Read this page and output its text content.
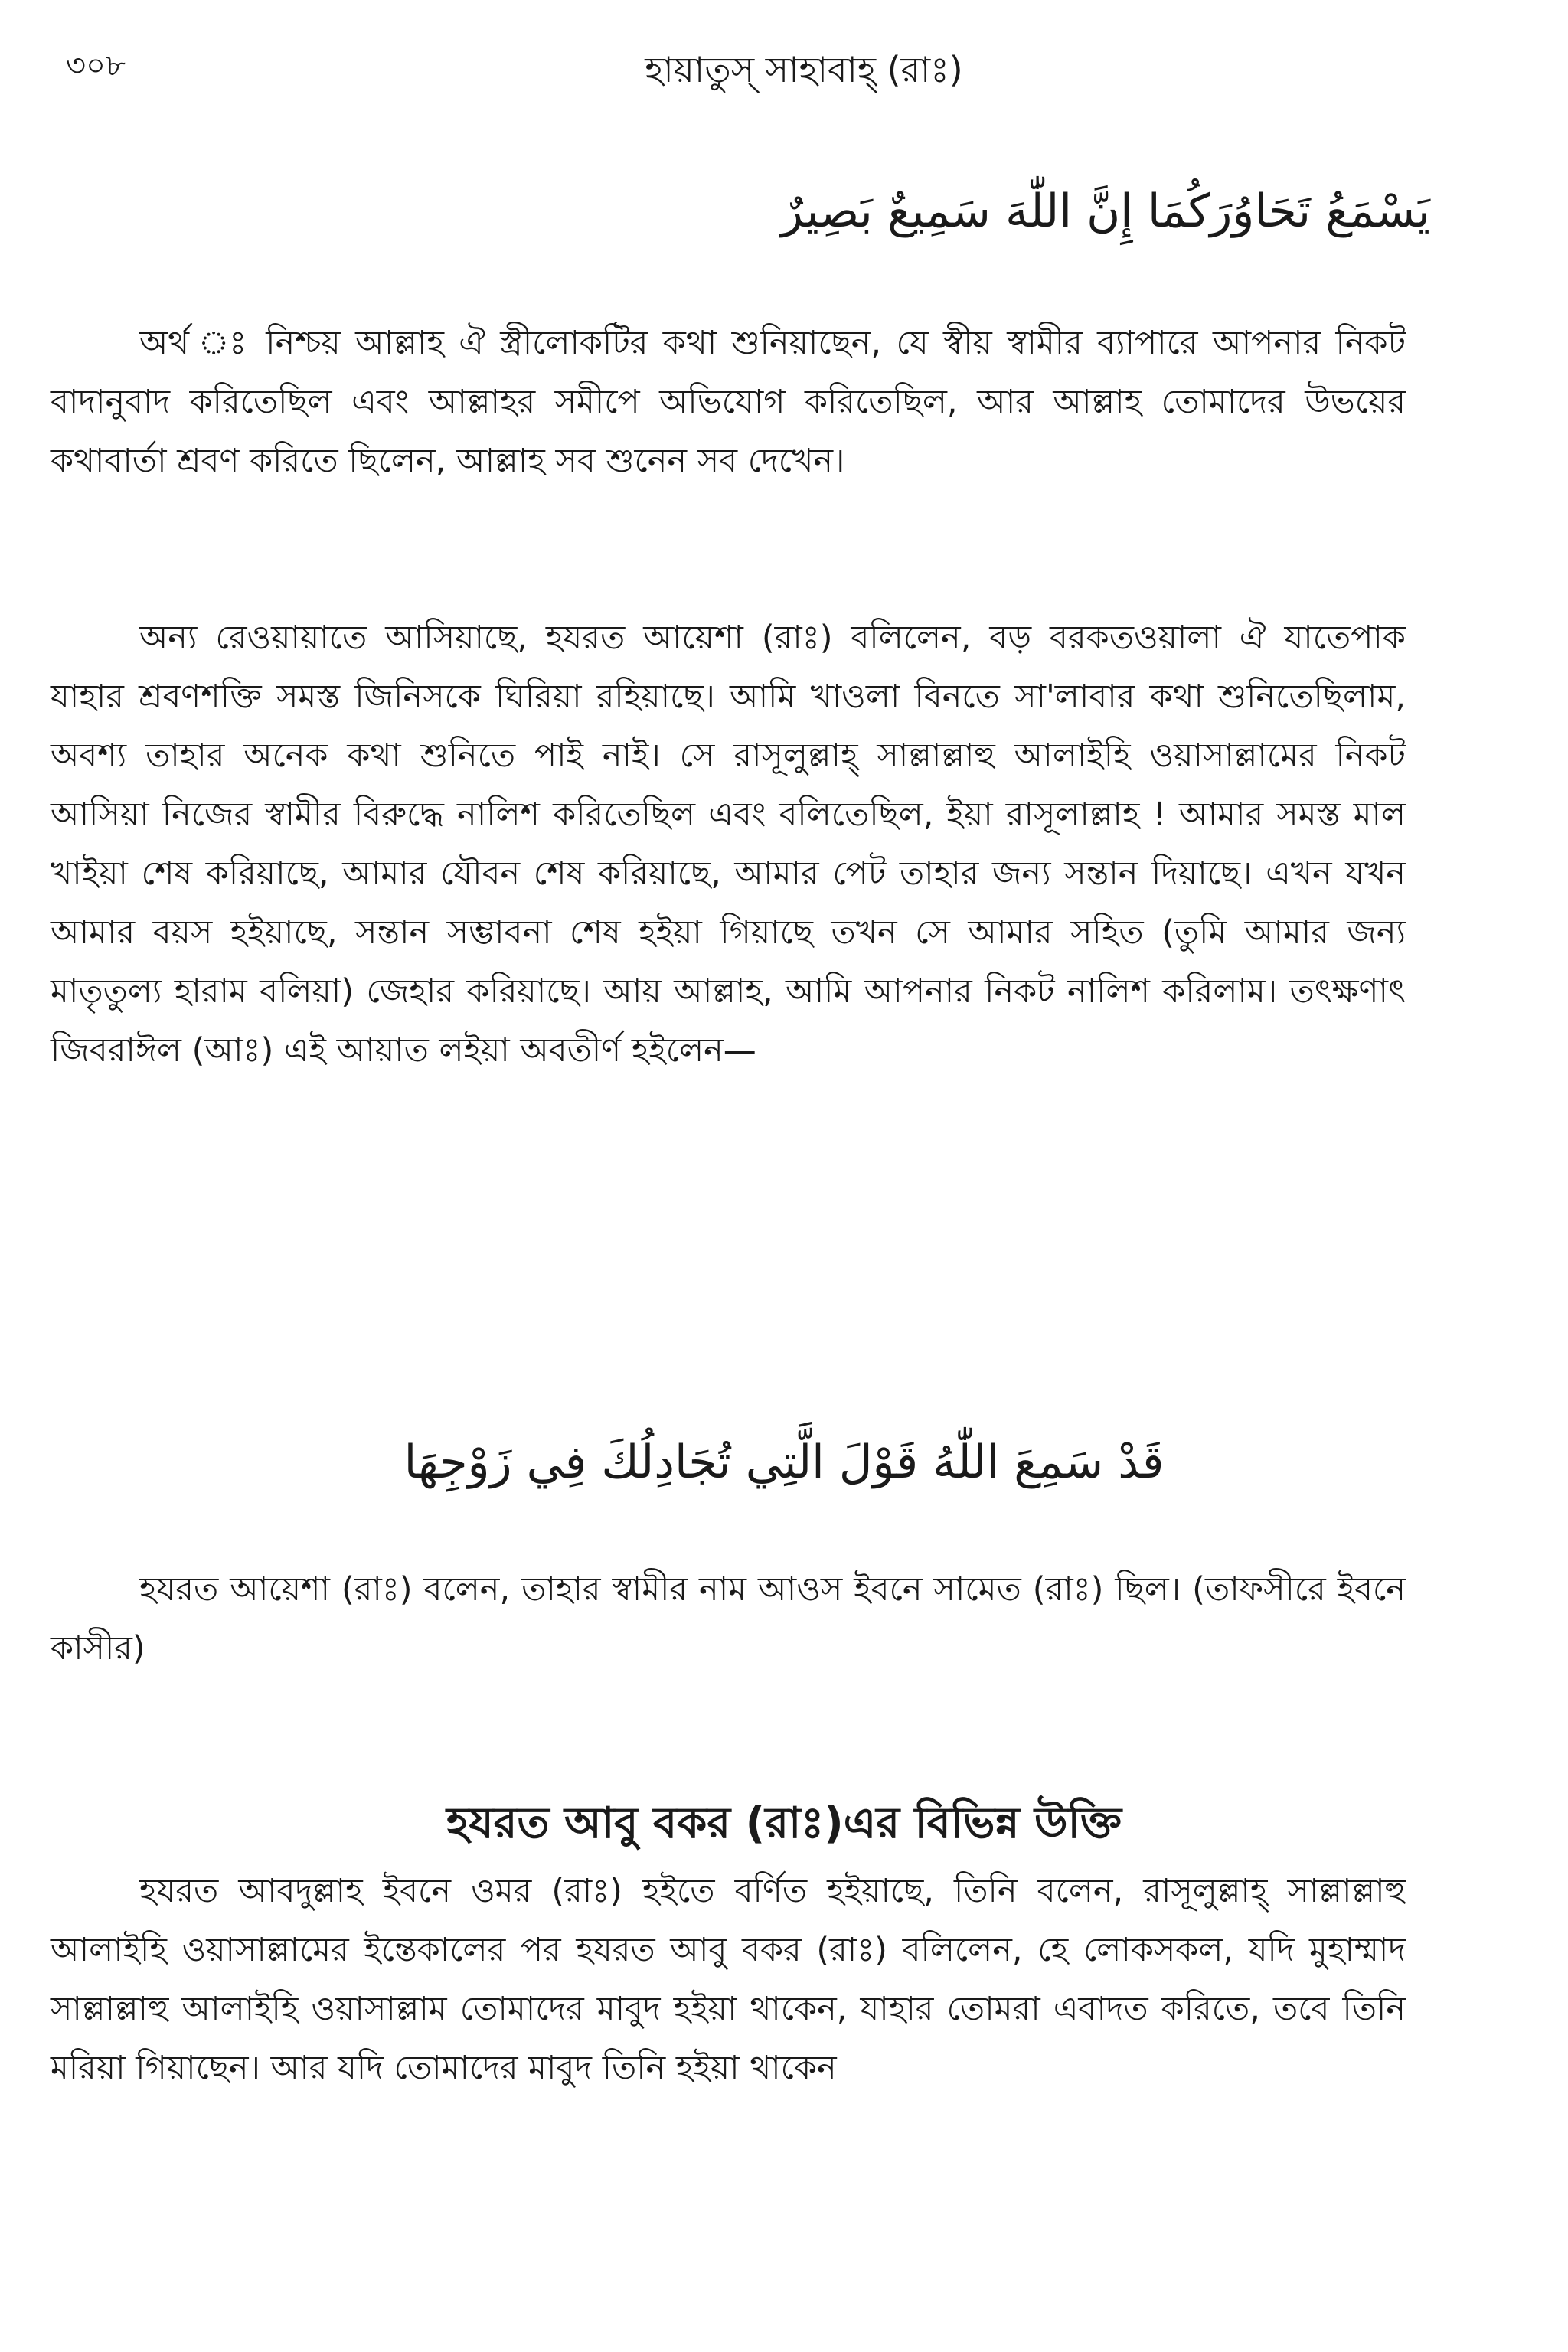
৩০৮	হায়াতুস্ সাহাবাহ্ (রাঃ)
يَسْمَعُ تَحَاوُرَكُمَا إِنَّ اللّٰهَ سَمِيعٌ بَصِيرٌ

অর্থ ঃ নিশ্চয় আল্লাহ ঐ স্ত্রীলোকটির কথা শুনিয়াছেন, যে স্বীয় স্বামীর ব্যাপারে আপনার নিকট বাদানুবাদ করিতেছিল এবং আল্লাহর সমীপে অভিযোগ করিতেছিল, আর আল্লাহ তোমাদের উভয়ের কথাবার্তা শ্রবণ করিতে ছিলেন, আল্লাহ সব শুনেন সব দেখেন।

অন্য রেওয়ায়াতে আসিয়াছে, হযরত আয়েশা (রাঃ) বলিলেন, বড় বরকতওয়ালা ঐ যাতেপাক যাহার শ্রবণশক্তি সমস্ত জিনিসকে ঘিরিয়া রহিয়াছে। আমি খাওলা বিনতে সা'লাবার কথা শুনিতেছিলাম, অবশ্য তাহার অনেক কথা শুনিতে পাই নাই। সে রাসূলুল্লাহ্ সাল্লাল্লাহু আলাইহি ওয়াসাল্লামের নিকট আসিয়া নিজের স্বামীর বিরুদ্ধে নালিশ করিতেছিল এবং বলিতেছিল, ইয়া রাসূলাল্লাহ ! আমার সমস্ত মাল খাইয়া শেষ করিয়াছে, আমার যৌবন শেষ করিয়াছে, আমার পেট তাহার জন্য সন্তান দিয়াছে। এখন যখন আমার বয়স হইয়াছে, সন্তান সম্ভাবনা শেষ হইয়া গিয়াছে তখন সে আমার সহিত (তুমি আমার জন্য মাতৃতুল্য হারাম বলিয়া) জেহার করিয়াছে। আয় আল্লাহ, আমি আপনার নিকট নালিশ করিলাম। তৎক্ষণাৎ জিবরাঈল (আঃ) এই আয়াত লইয়া অবতীর্ণ হইলেন—

قَدْ سَمِعَ اللّٰهُ قَوْلَ الَّتِي تُجَادِلُكَ فِي زَوْجِهَا

হযরত আয়েশা (রাঃ) বলেন, তাহার স্বামীর নাম আওস ইবনে সামেত (রাঃ) ছিল। (তাফসীরে ইবনে কাসীর)

হযরত আবু বকর (রাঃ)এর বিভিন্ন উক্তি

হযরত আবদুল্লাহ ইবনে ওমর (রাঃ) হইতে বর্ণিত হইয়াছে, তিনি বলেন, রাসূলুল্লাহ্ সাল্লাল্লাহু আলাইহি ওয়াসাল্লামের ইন্তেকালের পর হযরত আবু বকর (রাঃ) বলিলেন, হে লোকসকল, যদি মুহাম্মাদ সাল্লাল্লাহু আলাইহি ওয়াসাল্লাম তোমাদের মাবুদ হইয়া থাকেন, যাহার তোমরা এবাদত করিতে, তবে তিনি মরিয়া গিয়াছেন। আর যদি তোমাদের মাবুদ তিনি হইয়া থাকেন
